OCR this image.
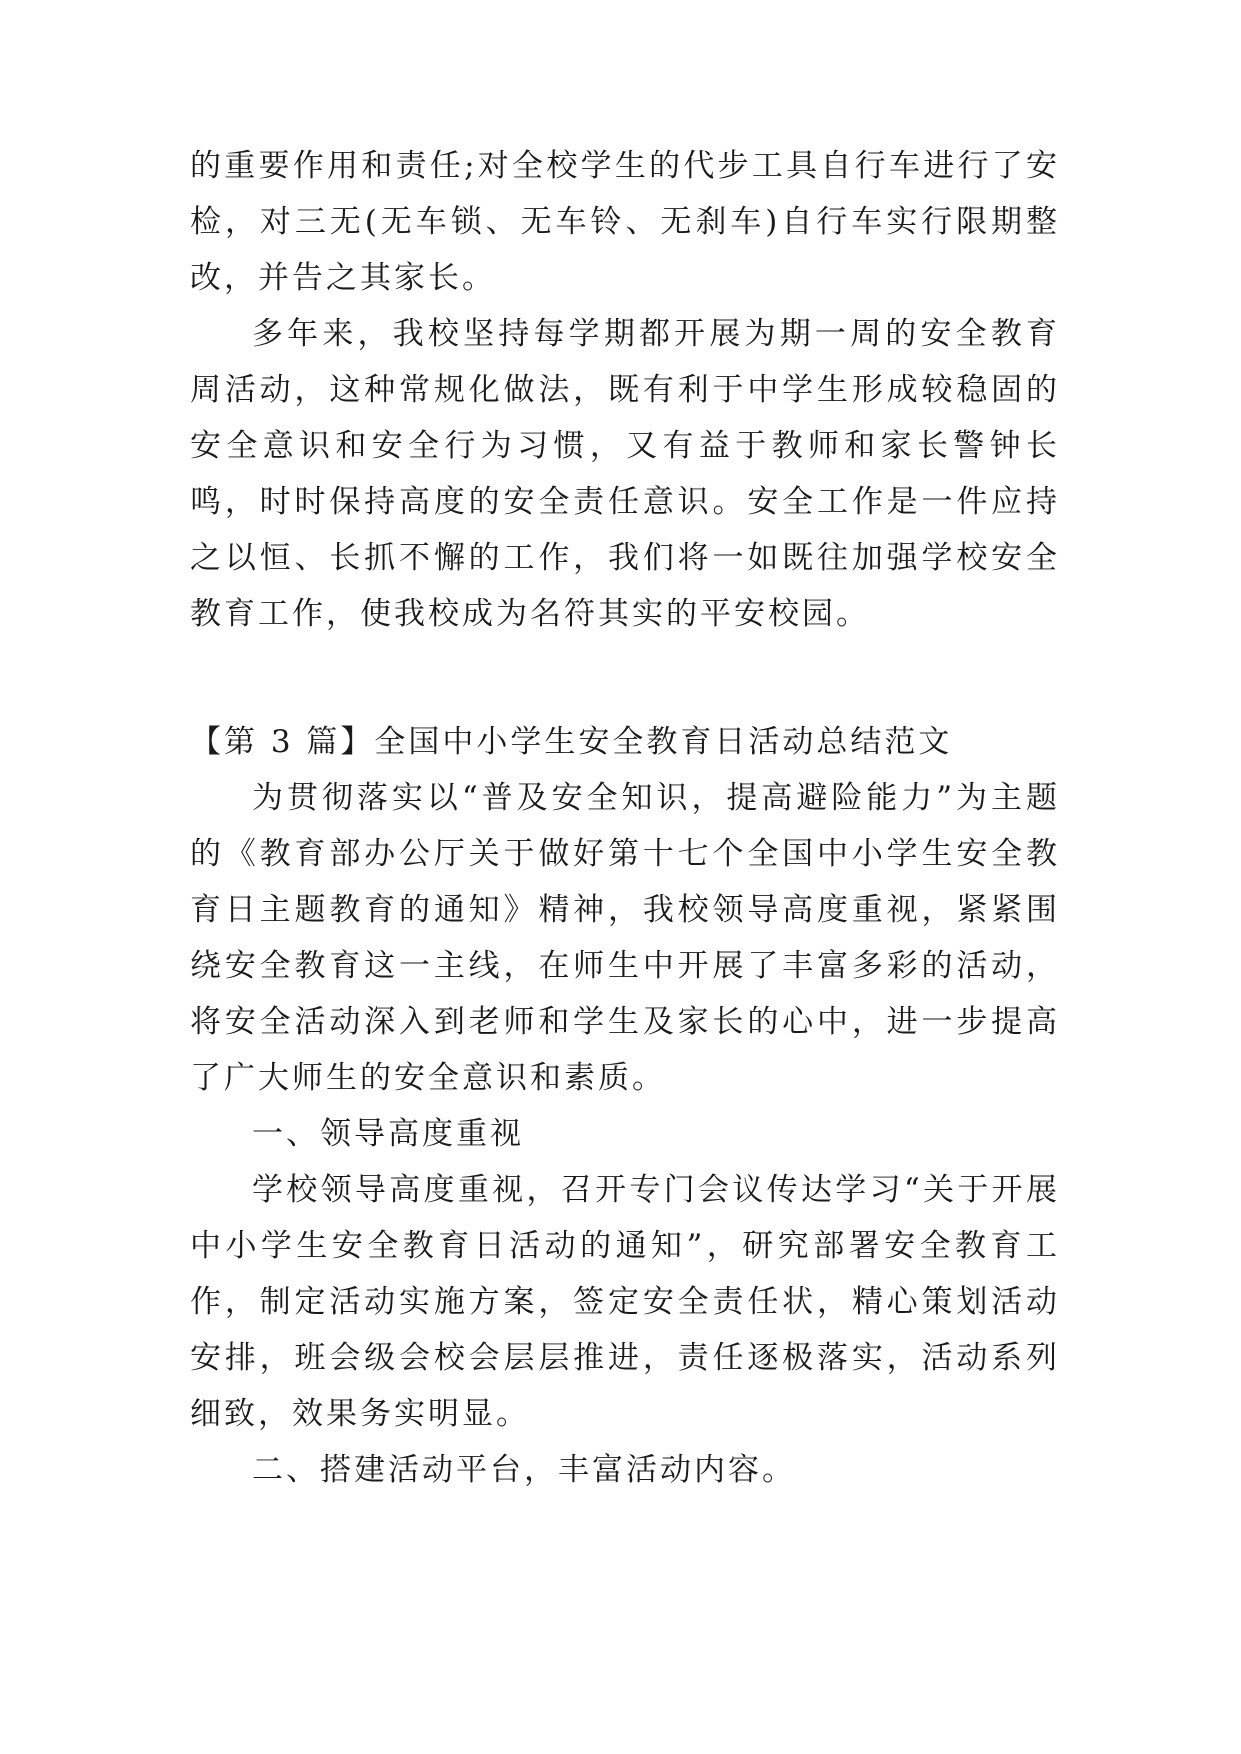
的重要作用和责任;对全校学生的代步工具自行车进行了安检，对三无(无车锁、无车铃、无刹车)自行车实行限期整改，并告之其家长。

多年来，我校坚持每学期都开展为期一周的安全教育周活动，这种常规化做法，既有利于中学生形成较稳固的安全意识和安全行为习惯，又有益于教师和家长警钟长鸣，时时保持高度的安全责任意识。安全工作是一件应持之以恒、长抓不懈的工作，我们将一如既往加强学校安全教育工作，使我校成为名符其实的平安校园。

【第 3 篇】全国中小学生安全教育日活动总结范文

为贯彻落实以“普及安全知识，提高避险能力”为主题的《教育部办公厅关于做好第十七个全国中小学生安全教育日主题教育的通知》精神，我校领导高度重视，紧紧围绕安全教育这一主线，在师生中开展了丰富多彩的活动，将安全活动深入到老师和学生及家长的心中，进一步提高了广大师生的安全意识和素质。

一、领导高度重视

学校领导高度重视，召开专门会议传达学习“关于开展中小学生安全教育日活动的通知”，研究部署安全教育工作，制定活动实施方案，签定安全责任状，精心策划活动安排，班会级会校会层层推进，责任逐极落实，活动系列细致，效果务实明显。

二、搭建活动平台，丰富活动内容。
